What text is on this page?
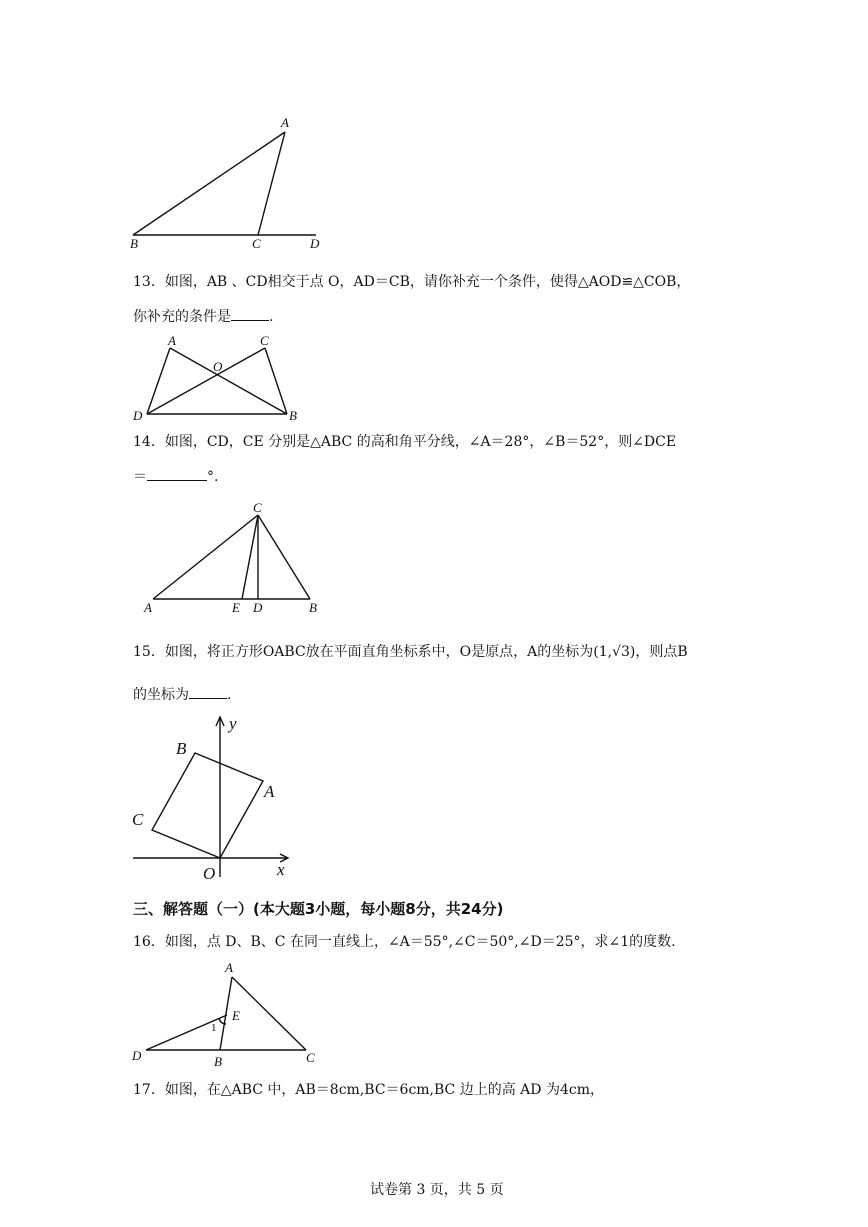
A
B	C	D
13．如图，AB 、CD相交于点 O，AD＝CB，请你补充一个条件，使得△AOD≌△COB，
你补充的条件是	.
A	C
O
D	B
14．如图，CD，CE 分别是△ABC 的高和角平分线，∠A＝28°，∠B＝52°，则∠DCE
＝	°.
C
A	E D	B
15．如图，将正方形OABC放在平面直角坐标系中，O是原点，A的坐标为(1,√3)，则点B
的坐标为	.
y
x
B
A
C
O
三、解答题（一）(本大题3小题，每小题8分，共24分)
16．如图，点 D、B、C 在同一直线上，∠A＝55°,∠C＝50°,∠D＝25°，求∠1的度数.
A
E
1
D	B	C
17．如图，在△ABC 中，AB＝8cm,BC＝6cm,BC 边上的高 AD 为4cm，
试卷第 3 页，共 5 页
